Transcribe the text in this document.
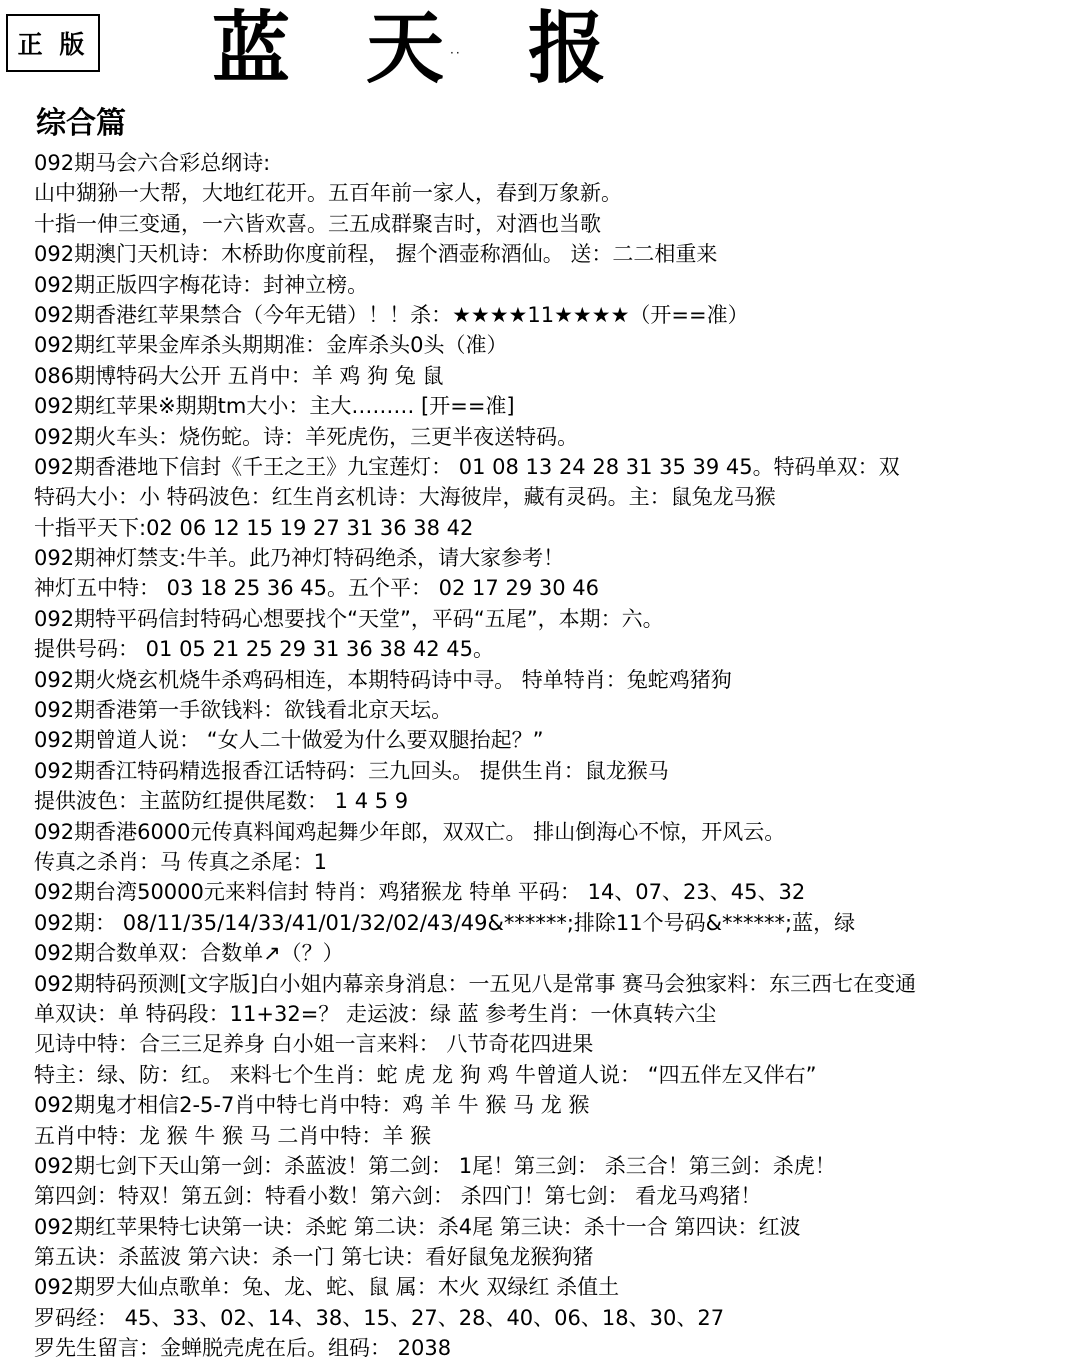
正 版 蓝 天 ·· 报
综合篇
092期马会六合彩总纲诗:
山中猢狲一大帮，大地红花开。五百年前一家人，春到万象新。
十指一伸三变通，一六皆欢喜。三五成群聚吉时，对酒也当歌
092期澳门天机诗：木桥助你度前程， 握个酒壶称酒仙。 送：二二相重来
092期正版四字梅花诗：封神立榜。
092期香港红苹果禁合（今年无错）！！杀：★★★★11★★★★（开==准）
092期红苹果金库杀头期期准：金库杀头0头（准）
086期博特码大公开 五肖中：羊 鸡 狗 兔 鼠
092期红苹果※期期tm大小：主大……… [开==准]
092期火车头：烧伤蛇。诗：羊死虎伤，三更半夜送特码。
092期香港地下信封《千王之王》九宝莲灯： 01 08 13 24 28 31 35 39 45。特码单双：双
特码大小：小 特码波色：红生肖玄机诗：大海彼岸，藏有灵码。主：鼠兔龙马猴
十指平天下:02 06 12 15 19 27 31 36 38 42
092期神灯禁支:牛羊。此乃神灯特码绝杀，请大家参考！
神灯五中特： 03 18 25 36 45。五个平： 02 17 29 30 46
092期特平码信封特码心想要找个“天堂”，平码“五尾”，本期：六。
提供号码： 01 05 21 25 29 31 36 38 42 45。
092期火烧玄机烧牛杀鸡码相连，本期特码诗中寻。 特单特肖：兔蛇鸡猪狗
092期香港第一手欲钱料：欲钱看北京天坛。
092期曾道人说： “女人二十做爱为什么要双腿抬起？”
092期香江特码精选报香江话特码：三九回头。 提供生肖：鼠龙猴马
提供波色：主蓝防红提供尾数： 1 4 5 9
092期香港6000元传真料闻鸡起舞少年郎，双双亡。 排山倒海心不惊，开风云。
传真之杀肖：马 传真之杀尾：1
092期台湾50000元来料信封 特肖：鸡猪猴龙 特单 平码： 14、07、23、45、32
092期： 08/11/35/14/33/41/01/32/02/43/49&******;排除11个号码&******;蓝，绿
092期合数单双：合数单↗（？）
092期特码预测[文字版]白小姐内幕亲身消息：一五见八是常事 赛马会独家料：东三西七在变通
单双诀：单 特码段：11+32=？ 走运波：绿 蓝 参考生肖：一休真转六尘
见诗中特：合三三足养身 白小姐一言来料： 八节奇花四进果
特主：绿、防：红。 来料七个生肖：蛇 虎 龙 狗 鸡 牛曾道人说： “四五伴左又伴右”
092期鬼才相信2-5-7肖中特七肖中特：鸡 羊 牛 猴 马 龙 猴
五肖中特：龙 猴 牛 猴 马 二肖中特：羊 猴
092期七剑下天山第一剑：杀蓝波！第二剑： 1尾！第三剑： 杀三合！第三剑：杀虎！
第四剑：特双！第五剑：特看小数！第六剑： 杀四门！第七剑： 看龙马鸡猪！
092期红苹果特七诀第一诀：杀蛇 第二诀：杀4尾 第三诀：杀十一合 第四诀：红波
第五诀：杀蓝波 第六诀：杀一门 第七诀：看好鼠兔龙猴狗猪
092期罗大仙点歌单：兔、龙、蛇、鼠 属：木火 双绿红 杀值土
罗码经： 45、33、02、14、38、15、27、28、40、06、18、30、27
罗先生留言：金蝉脱壳虎在后。组码： 2038
